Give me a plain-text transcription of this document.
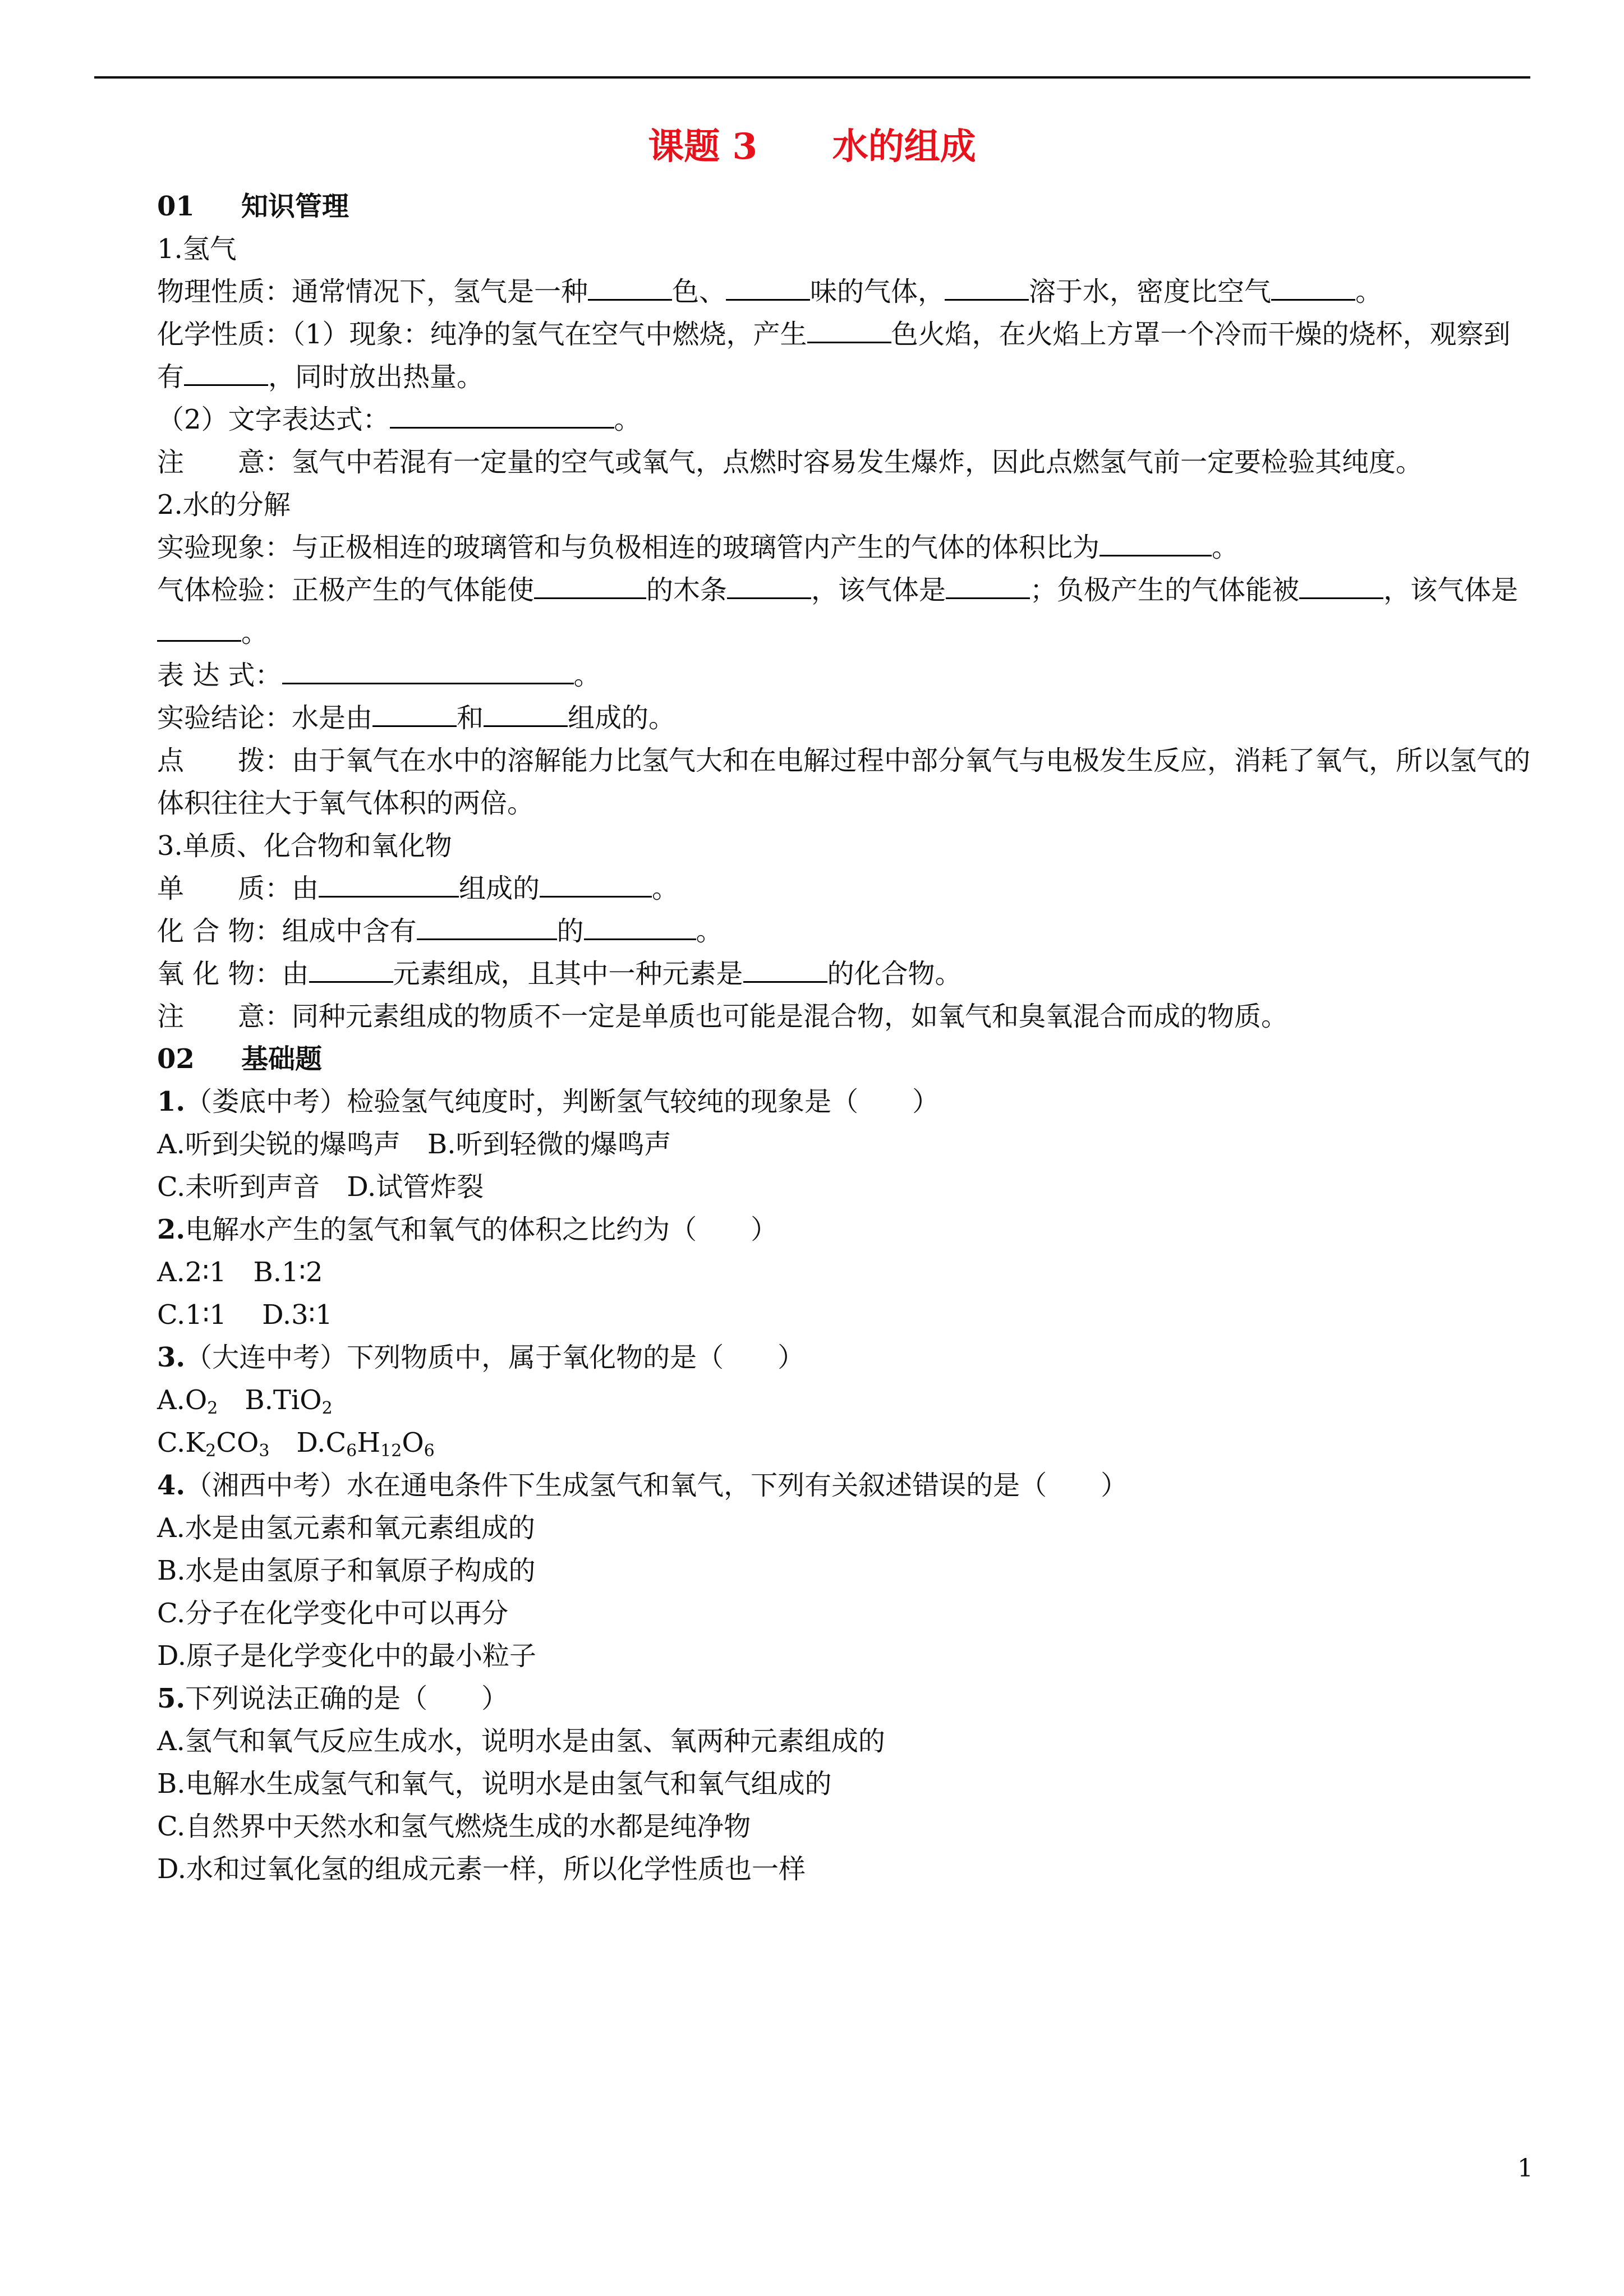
课题 3      水的组成
01 知识管理
1.氢气
物理性质：通常情况下，氢气是一种	色、	味的气体，	溶于水，密度比空气	。
化学性质：（1）现象：纯净的氢气在空气中燃烧，产生	色火焰，在火焰上方罩一个冷而干燥的烧杯，观察到有	，同时放出热量。
（2）文字表达式：	。
注　　意：氢气中若混有一定量的空气或氧气，点燃时容易发生爆炸，因此点燃氢气前一定要检验其纯度。
2.水的分解
实验现象：与正极相连的玻璃管和与负极相连的玻璃管内产生的气体的体积比为	。
气体检验：正极产生的气体能使	的木条	，该气体是	；负极产生的气体能被	，该气体是。
表 达 式：	。
实验结论：水是由	和	组成的。
点　　拨：由于氧气在水中的溶解能力比氢气大和在电解过程中部分氧气与电极发生反应，消耗了氧气，所以氢气的体积往往大于氧气体积的两倍。
3.单质、化合物和氧化物
单　　质：由	组成的	。
化 合 物：组成中含有	的	。
氧 化 物：由	元素组成，且其中一种元素是	的化合物。
注　　意：同种元素组成的物质不一定是单质也可能是混合物，如氧气和臭氧混合而成的物质。
02 基础题
1.（娄底中考）检验氢气纯度时，判断氢气较纯的现象是（　　）
A.听到尖锐的爆鸣声　B.听到轻微的爆鸣声
C.未听到声音　D.试管炸裂
2.电解水产生的氢气和氧气的体积之比约为（　　）
A.2∶1　B.1∶2
C.1∶1　 D.3∶1
3.（大连中考）下列物质中，属于氧化物的是（　　）
$A.O_2$　B.TiO$_2$
$C.K_2CO_3$　$D.C_6H_{12}O_6$
4.（湘西中考）水在通电条件下生成氢气和氧气，下列有关叙述错误的是（　　）
A.水是由氢元素和氧元素组成的
B.水是由氢原子和氧原子构成的
C.分子在化学变化中可以再分
D.原子是化学变化中的最小粒子
5.下列说法正确的是（　　）
A.氢气和氧气反应生成水，说明水是由氢、氧两种元素组成的
B.电解水生成氢气和氧气，说明水是由氢气和氧气组成的
C.自然界中天然水和氢气燃烧生成的水都是纯净物
D.水和过氧化氢的组成元素一样，所以化学性质也一样
1
